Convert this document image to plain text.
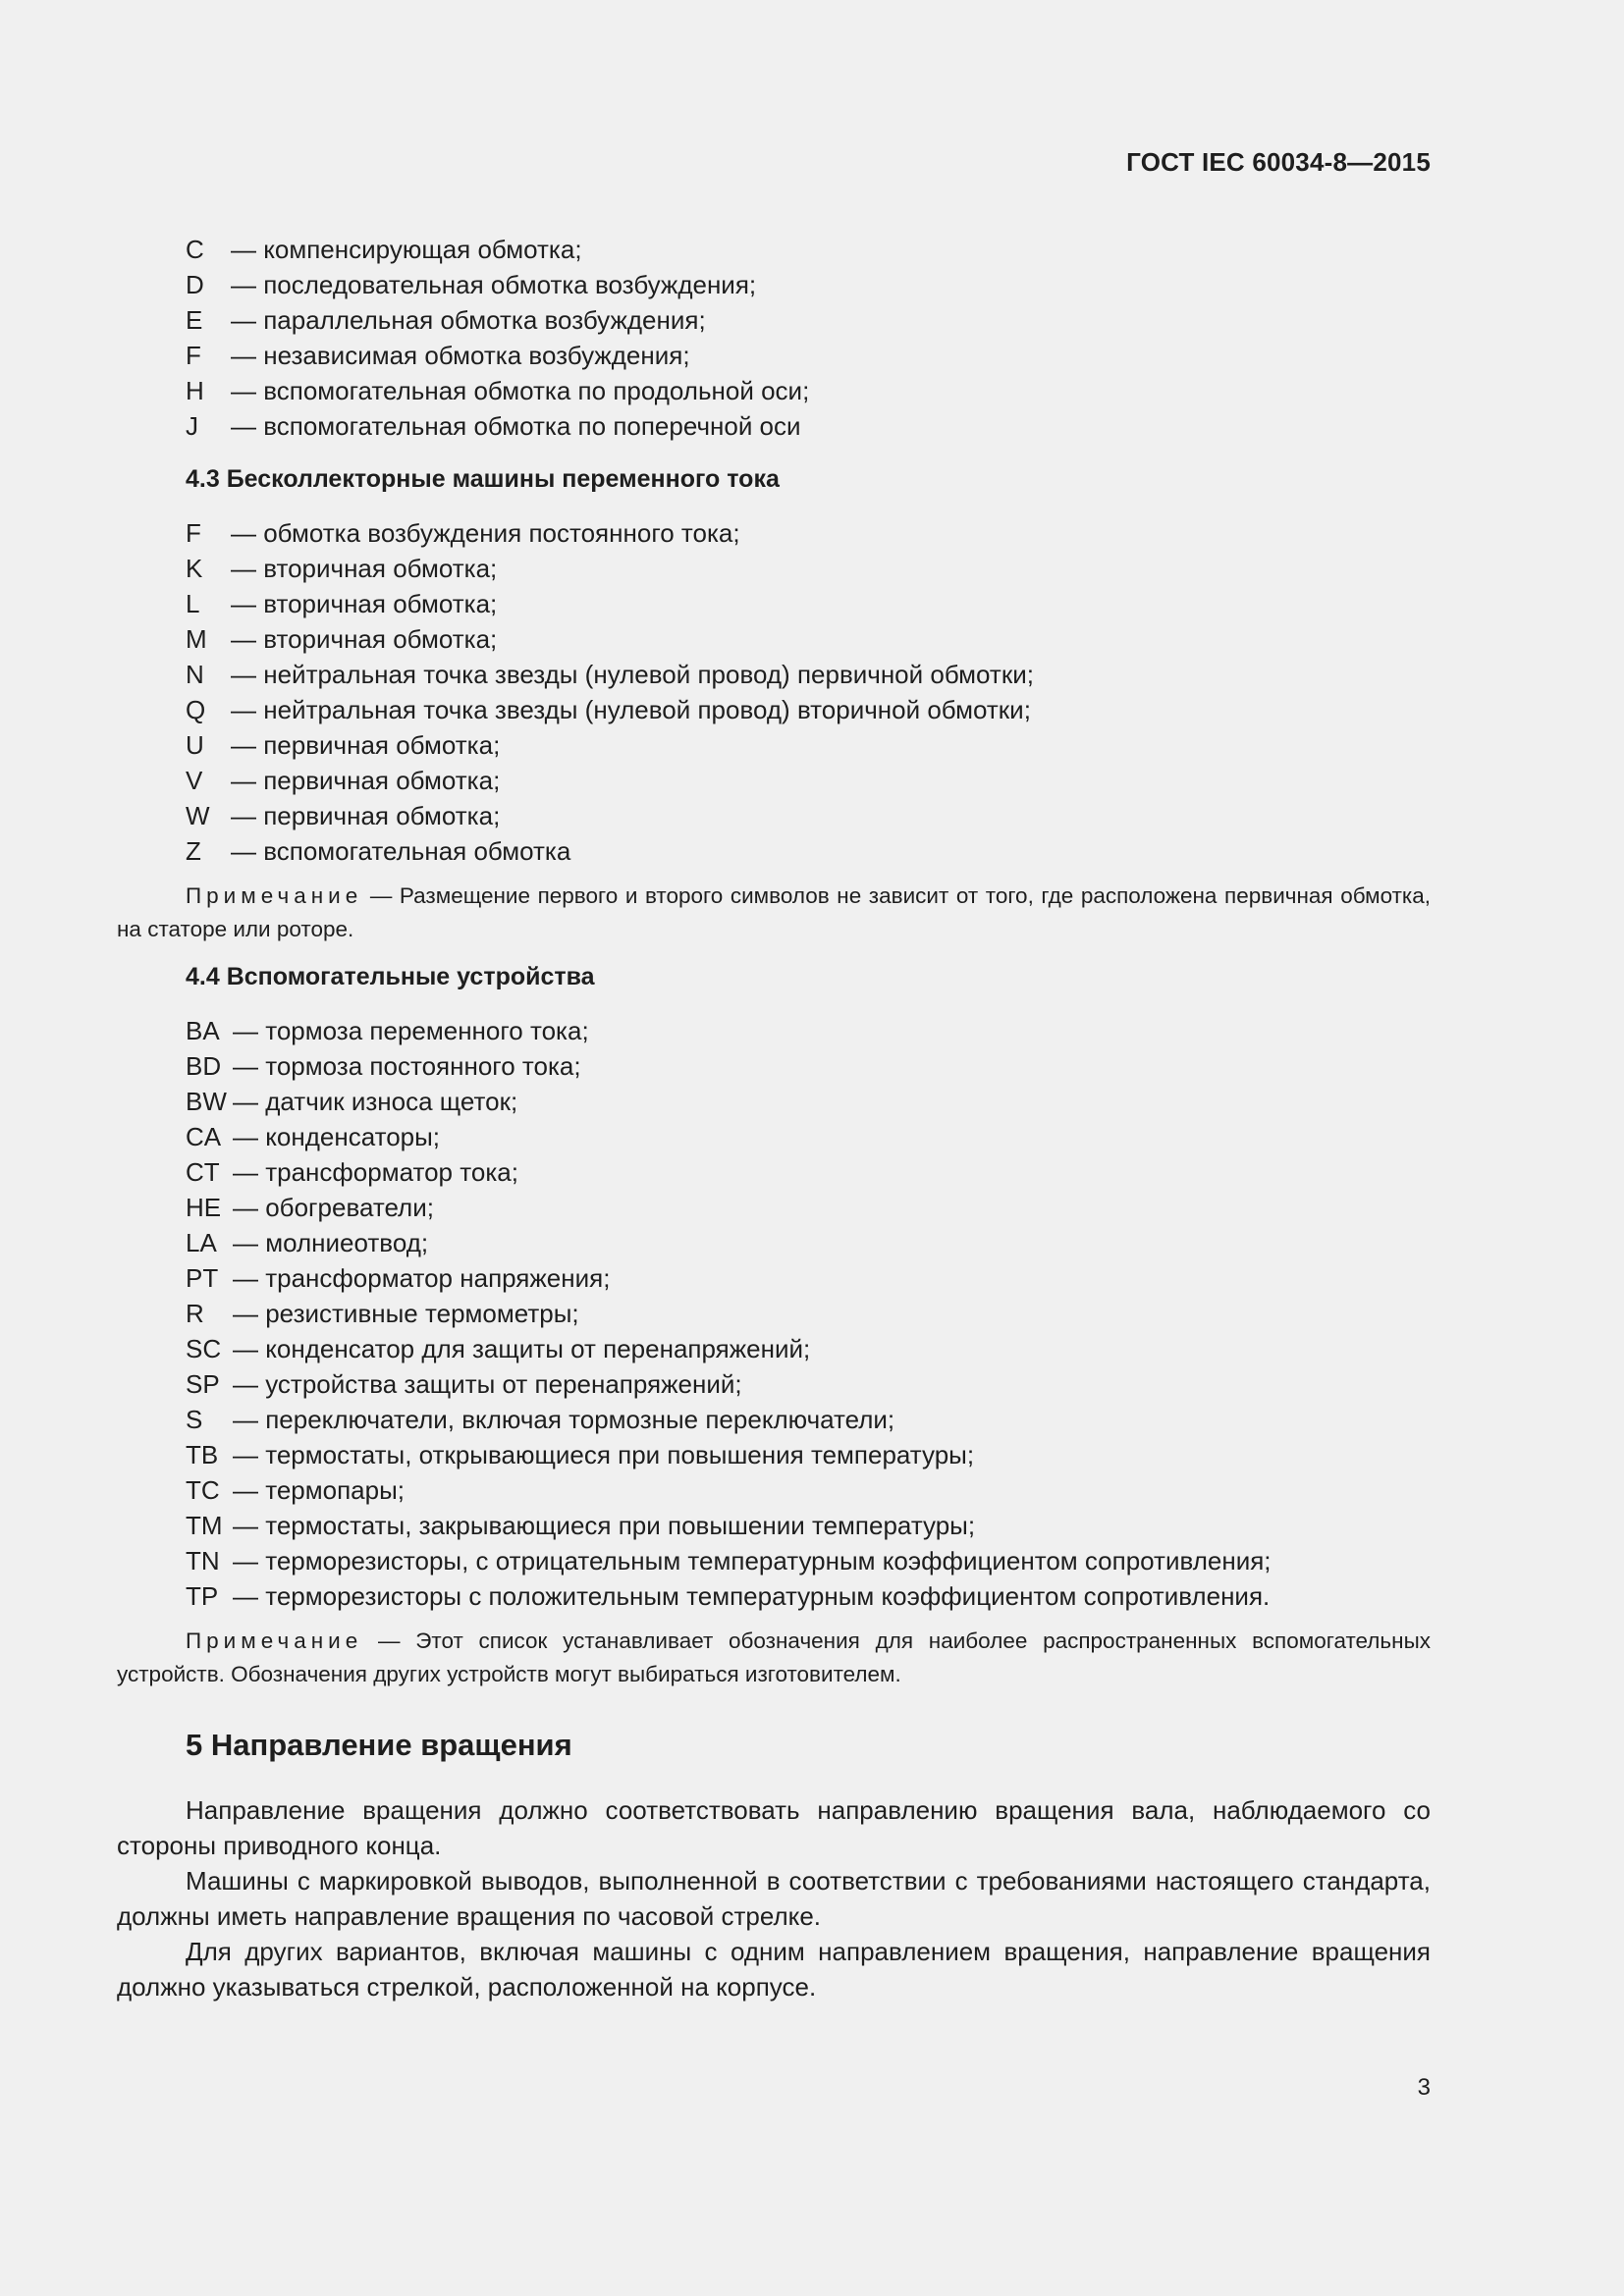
ГОСТ IEC 60034-8—2015
С — компенсирующая обмотка;
D — последовательная обмотка возбуждения;
E — параллельная обмотка возбуждения;
F — независимая обмотка возбуждения;
H — вспомогательная обмотка по продольной оси;
J — вспомогательная обмотка по поперечной оси
4.3 Бесколлекторные машины переменного тока
F — обмотка возбуждения постоянного тока;
K — вторичная обмотка;
L — вторичная обмотка;
M — вторичная обмотка;
N — нейтральная точка звезды (нулевой провод) первичной обмотки;
Q — нейтральная точка звезды (нулевой провод) вторичной обмотки;
U — первичная обмотка;
V — первичная обмотка;
W — первичная обмотка;
Z — вспомогательная обмотка
Примечание — Размещение первого и второго символов не зависит от того, где расположена первичная обмотка, на статоре или роторе.
4.4 Вспомогательные устройства
BA — тормоза переменного тока;
BD — тормоза постоянного тока;
BW — датчик износа щеток;
CA — конденсаторы;
CT — трансформатор тока;
HE — обогреватели;
LA — молниеотвод;
PT — трансформатор напряжения;
R — резистивные термометры;
SC — конденсатор для защиты от перенапряжений;
SP — устройства защиты от перенапряжений;
S — переключатели, включая тормозные переключатели;
TB — термостаты, открывающиеся при повышения температуры;
TC — термопары;
TM — термостаты, закрывающиеся при повышении температуры;
TN — терморезисторы, с отрицательным температурным коэффициентом сопротивления;
TP — терморезисторы с положительным температурным коэффициентом сопротивления.
Примечание — Этот список устанавливает обозначения для наиболее распространенных вспомогательных устройств. Обозначения других устройств могут выбираться изготовителем.
5 Направление вращения
Направление вращения должно соответствовать направлению вращения вала, наблюдаемого со стороны приводного конца.
Машины с маркировкой выводов, выполненной в соответствии с требованиями настоящего стандарта, должны иметь направление вращения по часовой стрелке.
Для других вариантов, включая машины с одним направлением вращения, направление вращения должно указываться стрелкой, расположенной на корпусе.
3
